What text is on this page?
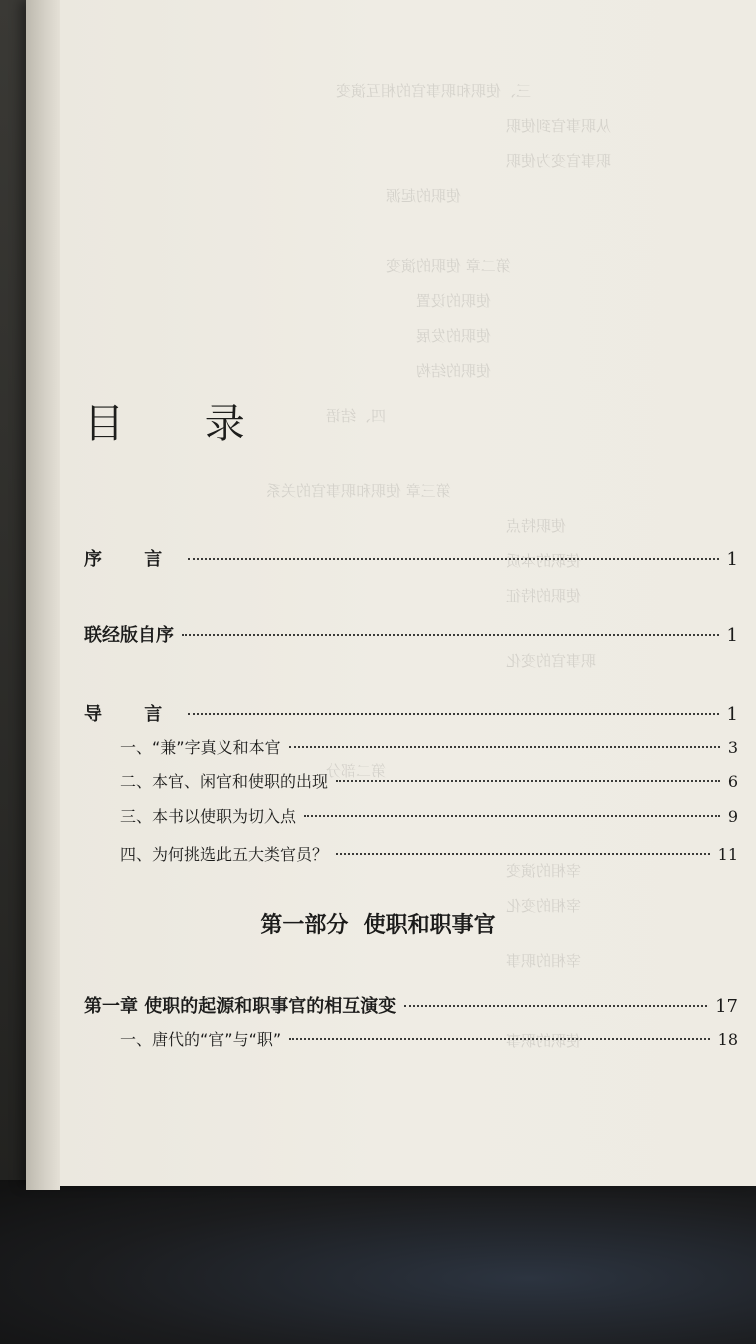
三、使职和职事官的相互演变
从职事官到使职
职事官变为使职
使职的起源
第二章 使职的演变
使职的设置
使职的发展
使职的结构
四、结语
第三章 使职和职事官的关系
使职特点
使职的本质
使职的特征
职事官的变化
第二部分
宰相的演变
宰相的变化
宰相的职事
使职的职事
目 录
序 言	1
联经版自序	1
导 言	1
一、“兼”字真义和本官	3
二、本官、闲官和使职的出现	6
三、本书以使职为切入点	9
四、为何挑选此五大类官员？	11
第一部分  使职和职事官
第一章 使职的起源和职事官的相互演变	17
一、唐代的“官”与“职”	18
